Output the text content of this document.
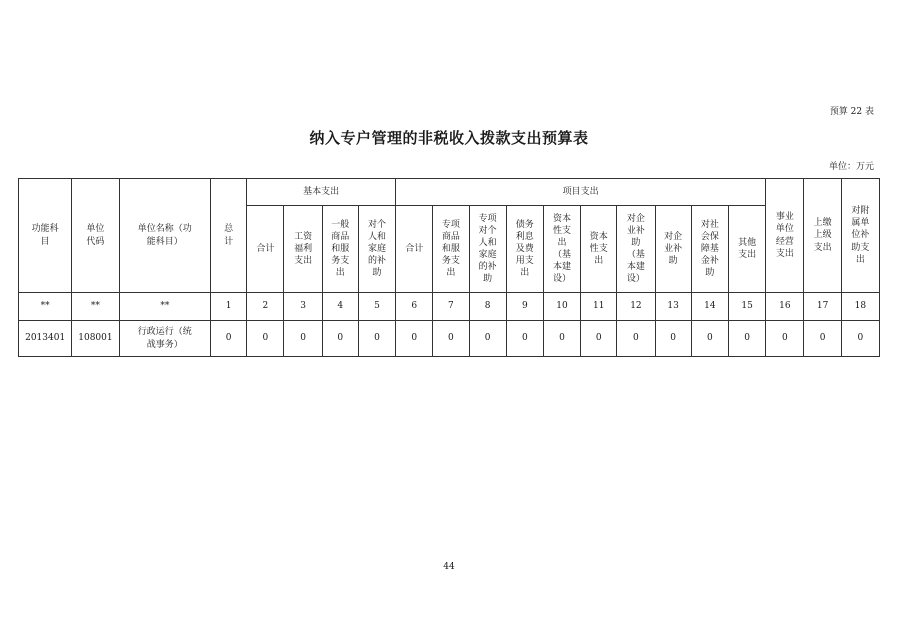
预算 22 表
纳入专户管理的非税收入拨款支出预算表
单位：万元
功能科目	单位代码	单位名称（功能科目）	总计	基本支出				项目支出										事业单位经营支出	上缴上级支出	对附属单位补助支出
				合计	工资福利支出	一般商品和服务支出	对个人和家庭的补助	合计	专项商品和服务支出	专项对个人和家庭的补助	债务利息及费用支出	资本性支出（基本建设）	资本性支出	对企业补助（基本建设）	对企业补助	对社会保障基金补助	其他支出			
**	**	**	1	2	3	4	5	6	7	8	9	10	11	12	13	14	15	16	17	18
2013401	108001	行政运行（统战事务）	0	0	0	0	0	0	0	0	0	0	0	0	0	0	0	0	0	0
44
